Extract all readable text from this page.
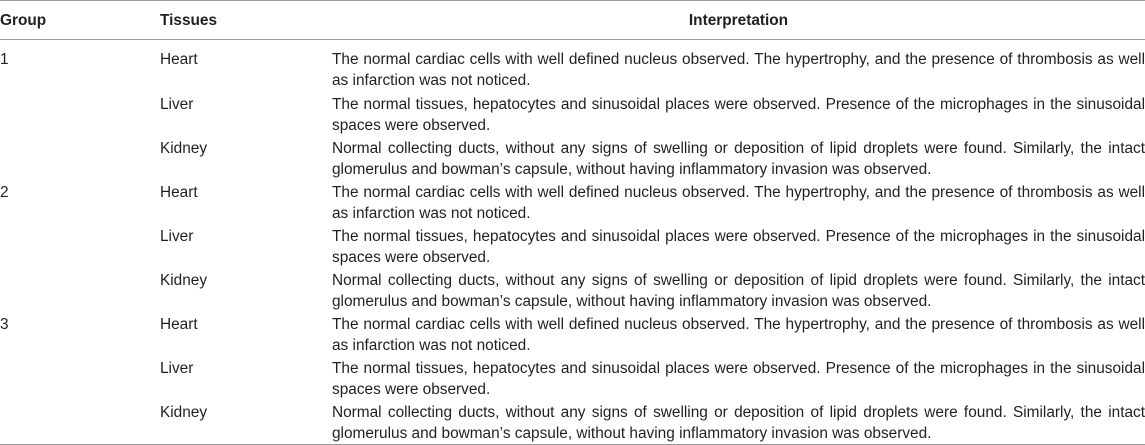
Group	Tissues	Interpretation
1	Heart	The normal cardiac cells with well defined nucleus observed. The hypertrophy, and the presence of thrombosis as well as infarction was not noticed.
	Liver	The normal tissues, hepatocytes and sinusoidal places were observed. Presence of the microphages in the sinusoidal spaces were observed.
	Kidney	Normal collecting ducts, without any signs of swelling or deposition of lipid droplets were found. Similarly, the intact glomerulus and bowman’s capsule, without having inflammatory invasion was observed.
2	Heart	The normal cardiac cells with well defined nucleus observed. The hypertrophy, and the presence of thrombosis as well as infarction was not noticed.
	Liver	The normal tissues, hepatocytes and sinusoidal places were observed. Presence of the microphages in the sinusoidal spaces were observed.
	Kidney	Normal collecting ducts, without any signs of swelling or deposition of lipid droplets were found. Similarly, the intact glomerulus and bowman’s capsule, without having inflammatory invasion was observed.
3	Heart	The normal cardiac cells with well defined nucleus observed. The hypertrophy, and the presence of thrombosis as well as infarction was not noticed.
	Liver	The normal tissues, hepatocytes and sinusoidal places were observed. Presence of the microphages in the sinusoidal spaces were observed.
	Kidney	Normal collecting ducts, without any signs of swelling or deposition of lipid droplets were found. Similarly, the intact glomerulus and bowman’s capsule, without having inflammatory invasion was observed.
